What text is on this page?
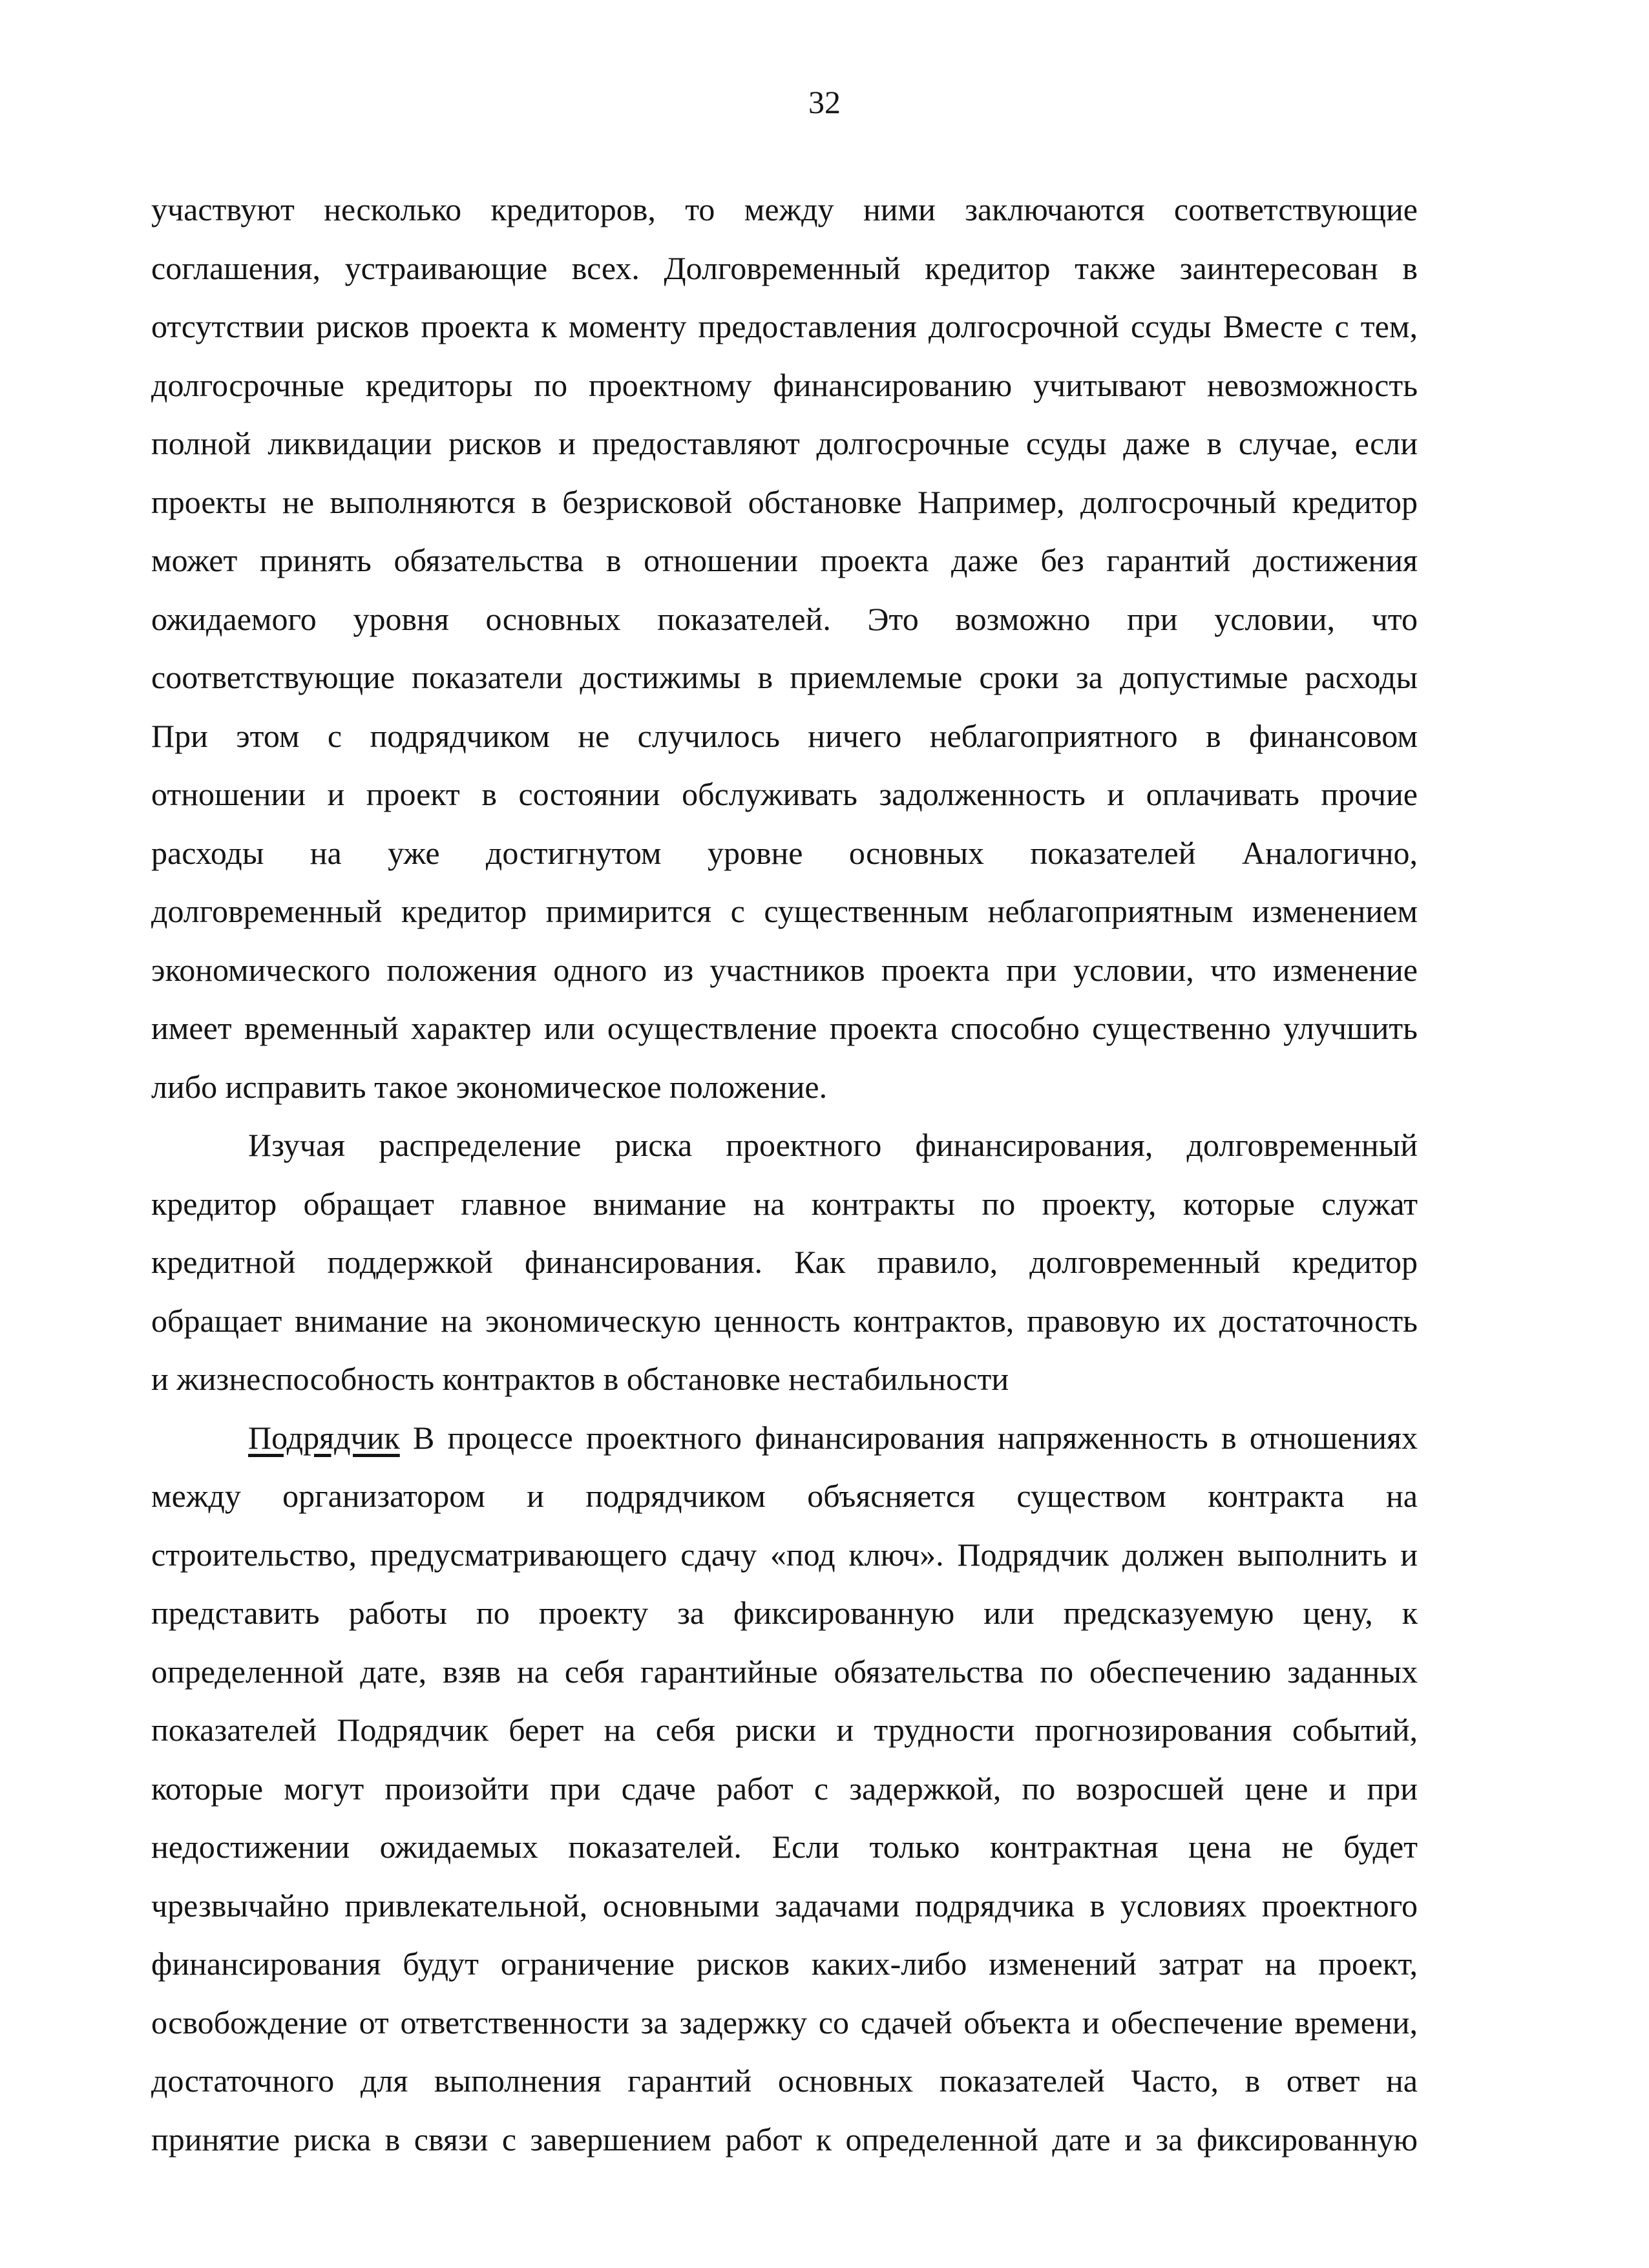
32
участвуют несколько кредиторов, то между ними заключаются соответствующие
соглашения, устраивающие всех. Долговременный кредитор также заинтересован в
отсутствии рисков проекта к моменту предоставления долгосрочной ссуды Вместе с тем,
долгосрочные кредиторы по проектному финансированию учитывают невозможность
полной ликвидации рисков и предоставляют долгосрочные ссуды даже в случае, если
проекты не выполняются в безрисковой обстановке Например, долгосрочный кредитор
может принять обязательства в отношении проекта даже без гарантий достижения
ожидаемого уровня основных показателей. Это возможно при условии, что
соответствующие показатели достижимы в приемлемые сроки за допустимые расходы
При этом с подрядчиком не случилось ничего неблагоприятного в финансовом
отношении и проект в состоянии обслуживать задолженность и оплачивать прочие
расходы на уже достигнутом уровне основных показателей Аналогично,
долговременный кредитор примирится с существенным неблагоприятным изменением
экономического положения одного из участников проекта при условии, что изменение
имеет временный характер или осуществление проекта способно существенно улучшить
либо исправить такое экономическое положение.
Изучая распределение риска проектного финансирования, долговременный
кредитор обращает главное внимание на контракты по проекту, которые служат
кредитной поддержкой финансирования. Как правило, долговременный кредитор
обращает внимание на экономическую ценность контрактов, правовую их достаточность
и жизнеспособность контрактов в обстановке нестабильности
Подрядчик В процессе проектного финансирования напряженность в отношениях
между организатором и подрядчиком объясняется существом контракта на
строительство, предусматривающего сдачу «под ключ». Подрядчик должен выполнить и
представить работы по проекту за фиксированную или предсказуемую цену, к
определенной дате, взяв на себя гарантийные обязательства по обеспечению заданных
показателей Подрядчик берет на себя риски и трудности прогнозирования событий,
которые могут произойти при сдаче работ с задержкой, по возросшей цене и при
недостижении ожидаемых показателей. Если только контрактная цена не будет
чрезвычайно привлекательной, основными задачами подрядчика в условиях проектного
финансирования будут ограничение рисков каких-либо изменений затрат на проект,
освобождение от ответственности за задержку со сдачей объекта и обеспечение времени,
достаточного для выполнения гарантий основных показателей Часто, в ответ на
принятие риска в связи с завершением работ к определенной дате и за фиксированную
